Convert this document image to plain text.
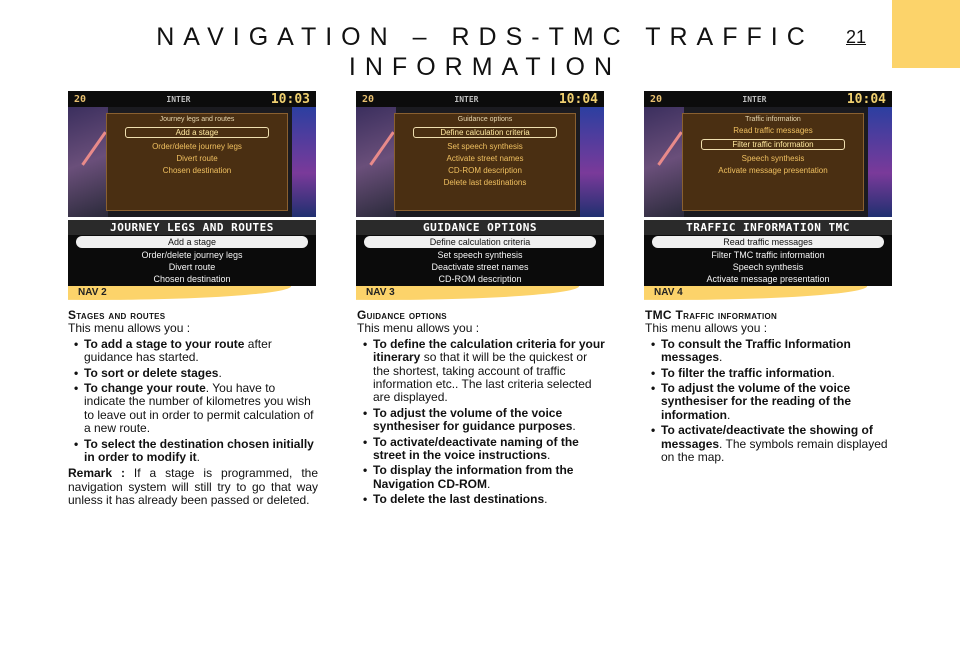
NAVIGATION – RDS-TMC TRAFFIC
INFORMATION
21
20	INTER	10:03
Journey legs and routes
Add a stage
Order/delete journey legs
Divert route
Chosen destination
JOURNEY LEGS AND ROUTES
Add a stage
Order/delete journey legs
Divert route
Chosen destination
NAV 2
20	INTER	10:04
Guidance options
Define calculation criteria
Set speech synthesis
Activate street names
CD-ROM description
Delete last destinations
GUIDANCE OPTIONS
Define calculation criteria
Set speech synthesis
Deactivate street names
CD-ROM description
NAV 3
20	INTER	10:04
Traffic information
Read traffic messages
Filter traffic information
Speech synthesis
Activate message presentation
TRAFFIC INFORMATION TMC
Read traffic messages
Filter TMC traffic information
Speech synthesis
Activate message presentation
NAV 4
Stages and routes

This menu allows you :

• To add a stage to your route after guidance has started.
• To sort or delete stages.
• To change your route. You have to indicate the number of kilometres you wish to leave out in order to permit calculation of a new route.
• To select the destination chosen initially in order to modify it.

Remark : If a stage is programmed, the navigation system will still try to go that way unless it has already been passed or deleted.

Guidance options

This menu allows you :

• To define the calculation criteria for your itinerary so that it will be the quickest or the shortest, taking account of traffic information etc.. The last criteria selected are displayed.
• To adjust the volume of the voice synthesiser for guidance purposes.
• To activate/deactivate naming of the street in the voice instructions.
• To display the information from the Navigation CD-ROM.
• To delete the last destinations.
TMC Traffic information

This menu allows you :

• To consult the Traffic Information messages.
• To filter the traffic information.
• To adjust the volume of the voice synthesiser for the reading of the information.
• To activate/deactivate the showing of messages. The symbols remain displayed on the map.
